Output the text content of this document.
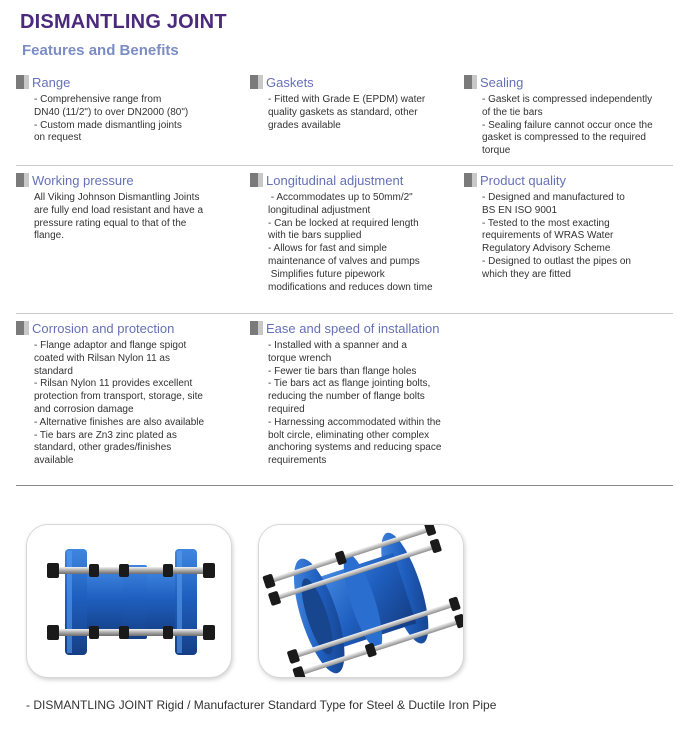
DISMANTLING JOINT
Features and Benefits
Range
- Comprehensive range from
DN40 (11/2") to over DN2000 (80")
- Custom made dismantling joints
on request
Gaskets
- Fitted with Grade E (EPDM) water
quality gaskets as standard, other
grades available
Sealing
- Gasket is compressed independently
of the tie bars
- Sealing failure cannot occur once the
gasket is compressed to the required
torque
Working pressure
All Viking Johnson Dismantling Joints
are fully end load resistant and have a
pressure rating equal to that of the
flange.
Longitudinal adjustment
- Accommodates up to 50mm/2"
longitudinal adjustment
- Can be locked at required length
with tie bars supplied
- Allows for fast and simple
maintenance of valves and pumps
Simplifies future pipework
modifications and reduces down time
Product quality
- Designed and manufactured to
BS EN ISO 9001
- Tested to the most exacting
requirements of WRAS Water
Regulatory Advisory Scheme
- Designed to outlast the pipes on
which they are fitted
Corrosion and protection
- Flange adaptor and flange spigot
coated with Rilsan Nylon 11 as
standard
- Rilsan Nylon 11 provides excellent
protection from transport, storage, site
and corrosion damage
- Alternative finishes are also available
- Tie bars are Zn3 zinc plated as
standard, other grades/finishes
available
Ease and speed of installation
- Installed with a spanner and a
torque wrench
- Fewer tie bars than flange holes
- Tie bars act as flange jointing bolts,
reducing the number of flange bolts
required
- Harnessing accommodated within the
bolt circle, eliminating other complex
anchoring systems and reducing space
requirements
- DISMANTLING JOINT Rigid / Manufacturer Standard Type for Steel & Ductile Iron Pipe
